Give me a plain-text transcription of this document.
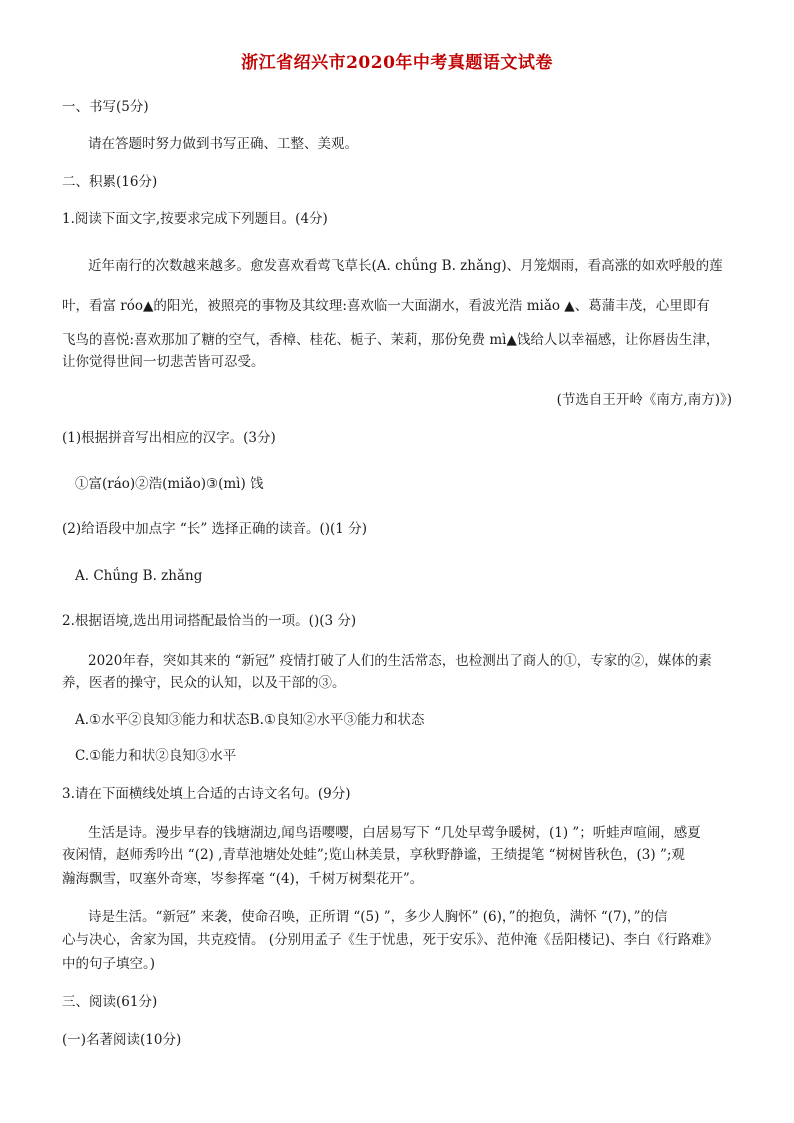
浙江省绍兴市2020年中考真题语文试卷
一、书写(5分)
请在答题时努力做到书写正确、工整、美观。
二、积累(16分)
1.阅读下面文字,按要求完成下列题目。(4分)
近年南行的次数越来越多。愈发喜欢看莺飞草长(A. chǘng B. zhǎng)、月笼烟雨，看高涨的如欢呼般的莲
叶，看富 róo▲的阳光，被照亮的事物及其纹理:喜欢临一大面湖水，看波光浩 miǎo ▲、葛蒲丰茂，心里即有
飞鸟的喜悦:喜欢那加了糖的空气，香樟、桂花、栀子、茉莉，那份免费 mì▲饯给人以幸福感，让你唇齿生津，
让你觉得世间一切悲苦皆可忍受。
(节选自王开岭《南方,南方)》)
(1)根据拼音写出相应的汉字。(3分)
①富(ráo)②浩(miǎo)③(mì) 饯
(2)给语段中加点字 “长” 选择正确的读音。()(1 分)
A. Chǘng B. zhǎng
2.根据语境,选出用词搭配最恰当的一项。()(3 分)
2020年春，突如其来的 “新冠” 疫情打破了人们的生活常态，也检测出了商人的①，专家的②，媒体的素
养，医者的操守，民众的认知，以及干部的③。
A.①水平②良知③能力和状态B.①良知②水平③能力和状态
C.①能力和状②良知③水平
3.请在下面横线处填上合适的古诗文名句。(9分)
生活是诗。漫步早春的钱塘湖边,闻鸟语嘤嘤，白居易写下 “几处早莺争暖树，(1) ”；听蛙声喧闹，感夏
夜闲情，赵师秀吟出 “(2) ,青草池塘处处蛙”;览山林美景，享秋野静谧，王绩提笔 “树树皆秋色，(3) ”;观
瀚海飘雪，叹塞外奇寒，岑参挥毫 “(4)，千树万树梨花开”。
诗是生活。“新冠” 来袭，使命召唤，正所谓 “(5) ”，多少人胸怀” (6)，”的抱负，满怀 “(7)，”的信
心与决心，舍家为国，共克疫情。 (分别用孟子《生于忧患，死于安乐》、范仲淹《岳阳楼记)、李白《行路难》
中的句子填空。)
三、阅读(61分)
(一)名著阅读(10分)
